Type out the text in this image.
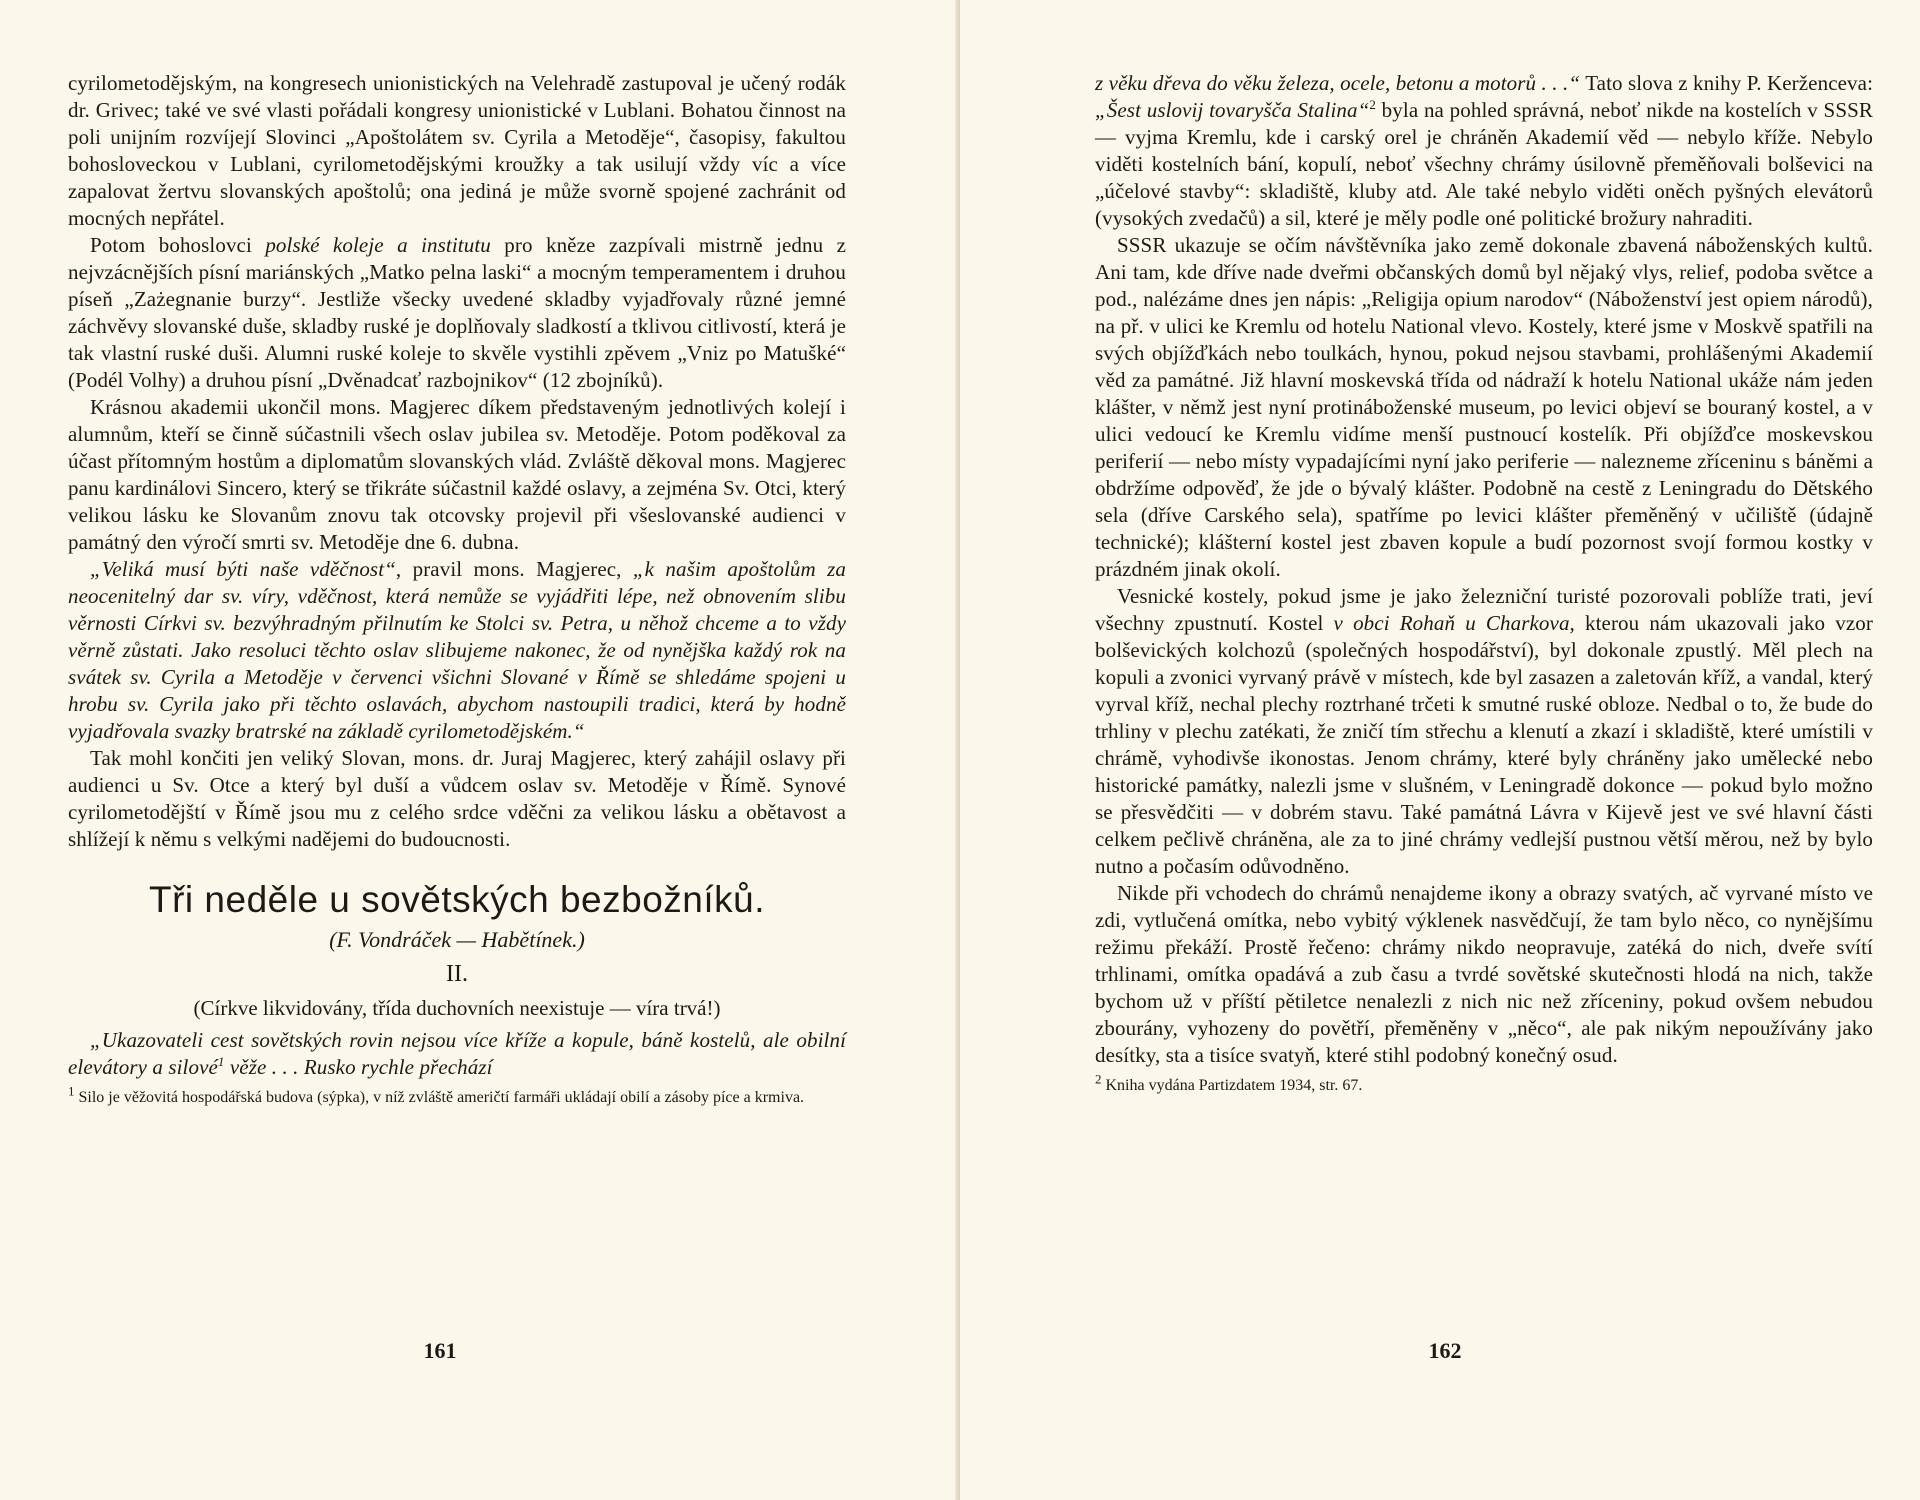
cyrilometodějským, na kongresech unionistických na Velehradě zastupoval je učený rodák dr. Grivec; také ve své vlasti pořádali kongresy unionistické v Lublani. Bohatou činnost na poli unijním rozvíjejí Slovinci „Apoštolátem sv. Cyrila a Metoděje“, časopisy, fakultou bohosloveckou v Lublani, cyrilometodějskými kroužky a tak usilují vždy víc a více zapalovat žertvu slovanských apoštolů; ona jediná je může svorně spojené zachránit od mocných nepřátel.

Potom bohoslovci polské koleje a institutu pro kněze zazpívali mistrně jednu z nejvzácnějších písní mariánských „Matko pelna laski“ a mocným temperamentem i druhou píseň „Zażegnanie burzy“. Jestliže všecky uvedené skladby vyjadřovaly různé jemné záchvěvy slovanské duše, skladby ruské je doplňovaly sladkostí a tklivou citlivostí, která je tak vlastní ruské duši. Alumni ruské koleje to skvěle vystihli zpěvem „Vniz po Matušké“ (Podél Volhy) a druhou písní „Dvěnadcať razbojnikov“ (12 zbojníků).

Krásnou akademii ukončil mons. Magjerec díkem představeným jednotlivých kolejí i alumnům, kteří se činně súčastnili všech oslav jubilea sv. Metoděje. Potom poděkoval za účast přítomným hostům a diplomatům slovanských vlád. Zvláště děkoval mons. Magjerec panu kardinálovi Sincero, který se třikráte súčastnil každé oslavy, a zejména Sv. Otci, který velikou lásku ke Slovanům znovu tak otcovsky projevil při všeslovanské audienci v památný den výročí smrti sv. Metoděje dne 6. dubna.

„Veliká musí býti naše vděčnost“, pravil mons. Magjerec, „k našim apoštolům za neocenitelný dar sv. víry, vděčnost, která nemůže se vyjádřiti lépe, než obnovením slibu věrnosti Církvi sv. bezvýhradným přilnutím ke Stolci sv. Petra, u něhož chceme a to vždy věrně zůstati. Jako resoluci těchto oslav slibujeme nakonec, že od nynějška každý rok na svátek sv. Cyrila a Metoděje v červenci všichni Slované v Římě se shledáme spojeni u hrobu sv. Cyrila jako při těchto oslavách, abychom nastoupili tradici, která by hodně vyjadřovala svazky bratrské na základě cyrilometodějském.“

Tak mohl končiti jen veliký Slovan, mons. dr. Juraj Magjerec, který zahájil oslavy při audienci u Sv. Otce a který byl duší a vůdcem oslav sv. Metoděje v Římě. Synové cyrilometodějští v Římě jsou mu z celého srdce vděčni za velikou lásku a obětavost a shlížejí k němu s velkými nadějemi do budoucnosti.

Tři neděle u sovětských bezbožníků.

(F. Vondráček — Habětínek.)

II.

(Církve likvidovány, třída duchovních neexistuje — víra trvá!)

„Ukazovateli cest sovětských rovin nejsou více kříže a kopule, báně kostelů, ale obilní elevátory a silové$^1$ věže . . . Rusko rychle přechází

$^1$ Silo je věžovitá hospodářská budova (sýpka), v níž zvláště američtí farmáři ukládají obilí a zásoby píce a krmiva.

161

z věku dřeva do věku železa, ocele, betonu a motorů . . .“ Tato slova z knihy P. Kerženceva: „Šest uslovij tovaryšča Stalina“$^2$ byla na pohled správná, neboť nikde na kostelích v SSSR — vyjma Kremlu, kde i carský orel je chráněn Akademií věd — nebylo kříže. Nebylo viděti kostelních bání, kopulí, neboť všechny chrámy úsilovně přeměňovali bolševici na „účelové stavby“: skladiště, kluby atd. Ale také nebylo viděti oněch pyšných elevátorů (vysokých zvedačů) a sil, které je měly podle oné politické brožury nahraditi.

SSSR ukazuje se očím návštěvníka jako země dokonale zbavená náboženských kultů. Ani tam, kde dříve nade dveřmi občanských domů byl nějaký vlys, relief, podoba světce a pod., nalézáme dnes jen nápis: „Religija opium narodov“ (Náboženství jest opiem národů), na př. v ulici ke Kremlu od hotelu National vlevo. Kostely, které jsme v Moskvě spatřili na svých objížďkách nebo toulkách, hynou, pokud nejsou stavbami, prohlášenými Akademií věd za památné. Již hlavní moskevská třída od nádraží k hotelu National ukáže nám jeden klášter, v němž jest nyní protináboženské museum, po levici objeví se bouraný kostel, a v ulici vedoucí ke Kremlu vidíme menší pustnoucí kostelík. Při objížďce moskevskou periferií — nebo místy vypadajícími nyní jako periferie — nalezneme zříceninu s báněmi a obdržíme odpověď, že jde o bývalý klášter. Podobně na cestě z Leningradu do Dětského sela (dříve Carského sela), spatříme po levici klášter přeměněný v učiliště (údajně technické); klášterní kostel jest zbaven kopule a budí pozornost svojí formou kostky v prázdném jinak okolí.

Vesnické kostely, pokud jsme je jako železniční turisté pozorovali poblíže trati, jeví všechny zpustnutí. Kostel v obci Rohaň u Charkova, kterou nám ukazovali jako vzor bolševických kolchozů (společných hospodářství), byl dokonale zpustlý. Měl plech na kopuli a zvonici vyrvaný právě v místech, kde byl zasazen a zaletován kříž, a vandal, který vyrval kříž, nechal plechy roztrhané trčeti k smutné ruské obloze. Nedbal o to, že bude do trhliny v plechu zatékati, že zničí tím střechu a klenutí a zkazí i skladiště, které umístili v chrámě, vyhodivše ikonostas. Jenom chrámy, které byly chráněny jako umělecké nebo historické památky, nalezli jsme v slušném, v Leningradě dokonce — pokud bylo možno se přesvědčiti — v dobrém stavu. Také památná Lávra v Kijevě jest ve své hlavní části celkem pečlivě chráněna, ale za to jiné chrámy vedlejší pustnou větší měrou, než by bylo nutno a počasím odůvodněno.

Nikde při vchodech do chrámů nenajdeme ikony a obrazy svatých, ač vyrvané místo ve zdi, vytlučená omítka, nebo vybitý výklenek nasvědčují, že tam bylo něco, co nynějšímu režimu překáží. Prostě řečeno: chrámy nikdo neopravuje, zatéká do nich, dveře svítí trhlinami, omítka opadává a zub času a tvrdé sovětské skutečnosti hlodá na nich, takže bychom už v příští pětiletce nenalezli z nich nic než zříceniny, pokud ovšem nebudou zbourány, vyhozeny do povětří, přeměněny v „něco“, ale pak nikým nepoužívány jako desítky, sta a tisíce svatyň, které stihl podobný konečný osud.

$^2$ Kniha vydána Partizdatem 1934, str. 67.

162
